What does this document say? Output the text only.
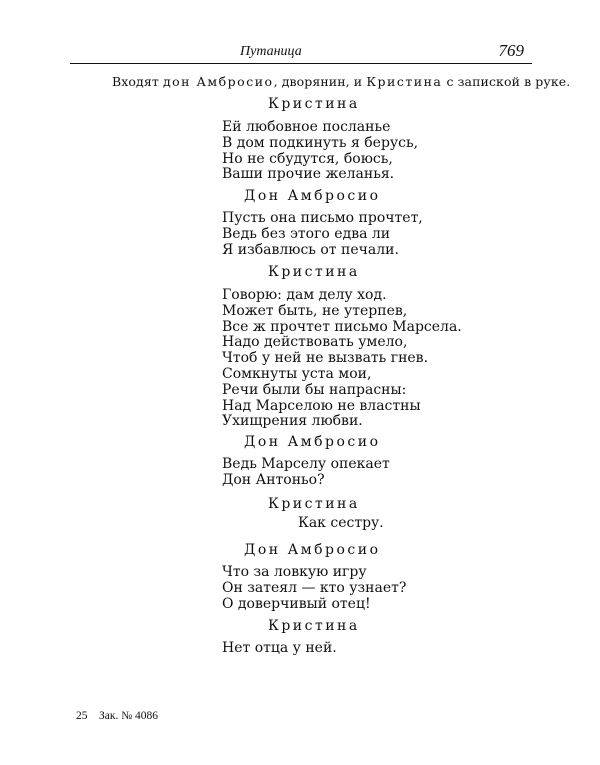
Путаница	769
Входят дон Амбросио, дворянин, и Кристина с запиской в руке.
Кристина
Ей любовное посланье
В дом подкинуть я берусь,
Но не сбудутся, боюсь,
Ваши прочие желанья.
Дон Амбросио
Пусть она письмо прочтет,
Ведь без этого едва ли
Я избавлюсь от печали.
Кристина
Говорю: дам делу ход.
Может быть, не утерпев,
Все ж прочтет письмо Марсела.
Надо действовать умело,
Чтоб у ней не вызвать гнев.
Сомкнуты уста мои,
Речи были бы напрасны:
Над Марселою не властны
Ухищрения любви.
Дон Амбросио
Ведь Марселу опекает
Дон Антоньо?
Кристина
Как сестру.
Дон Амбросио
Что за ловкую игру
Он затеял — кто узнает?
О доверчивый отец!
Кристина
Нет отца у ней.
25 Зак. № 4086
